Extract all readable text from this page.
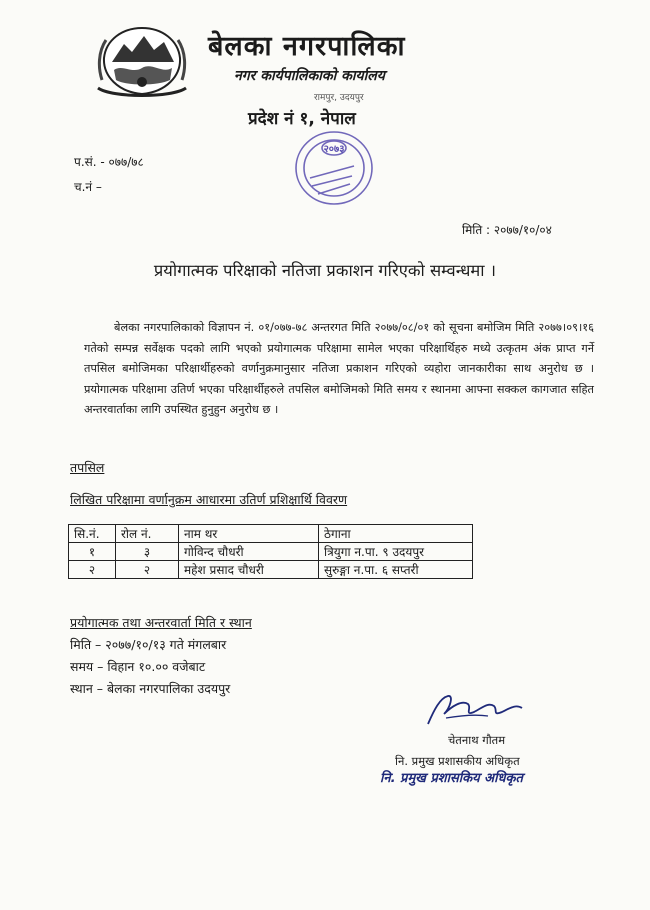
बेलका नगरपालिका
नगर कार्यपालिकाको कार्यालय
रामपुर, उदयपुर
प्रदेश नं १, नेपाल
२०७३
प.सं. - ०७७/७८
च.नं –
मिति : २०७७/१०/०४
प्रयोगात्मक परिक्षाको नतिजा प्रकाशन गरिएको सम्वन्धमा ।

बेलका नगरपालिकाको विज्ञापन नं. ०१/०७७-७८ अन्तरगत मिति २०७७/०८/०१ को सूचना बमोजिम मिति २०७७।०९।१६ गतेको सम्पन्न सर्वेक्षक पदको लागि भएको प्रयोगात्मक परिक्षामा सामेल भएका परिक्षार्थिहरु मध्ये उत्कृतम अंक प्राप्त गर्ने तपसिल बमोजिमका परिक्षार्थीहरुको वर्णानुक्रमानुसार नतिजा प्रकाशन गरिएको व्यहोरा जानकारीका साथ अनुरोध छ । प्रयोगात्मक परिक्षामा उतिर्ण भएका परिक्षार्थीहरुले तपसिल बमोजिमको मिति समय र स्थानमा आफ्ना सक्कल कागजात सहित अन्तरवार्ताका लागि उपस्थित हुनुहुन अनुरोध छ ।

तपसिल
लिखित परिक्षामा वर्णानुक्रम आधारमा उतिर्ण प्रशिक्षार्थि विवरण
सि.नं.	रोल नं.	नाम थर	ठेगाना
१	३	गोविन्द चौधरी	त्रियुगा न.पा. ९ उदयपुर
२	२	महेश प्रसाद चौधरी	सुरुङ्गा न.पा. ६ सप्तरी
प्रयोगात्मक तथा अन्तरवार्ता मिति र स्थान
मिति – २०७७/१०/१३ गते मंगलबार
समय – विहान १०.०० वजेबाट
स्थान – बेलका नगरपालिका उदयपुर
चेतनाथ गौतम
नि. प्रमुख प्रशासकीय अधिकृत
नि. प्रमुख प्रशासकिय अधिकृत
